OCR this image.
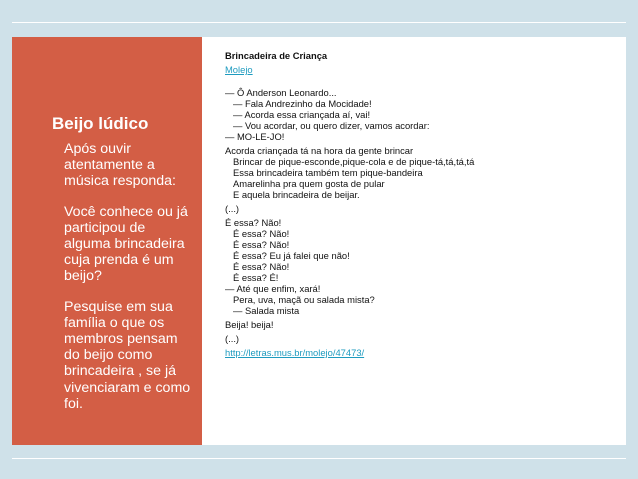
Beijo lúdico

Após ouvir atentamente a música responda:

Você conhece ou já participou de alguma brincadeira cuja prenda é um beijo?

Pesquise em sua família o que os membros pensam do beijo como brincadeira , se já vivenciaram e como foi.

Brincadeira de Criança

Molejo

— Ô Anderson Leonardo...

— Fala Andrezinho da Mocidade!

— Acorda essa criançada aí, vai!

— Vou acordar, ou quero dizer, vamos acordar:

— MO-LE-JO!

Acorda criançada tá na hora da gente brincar

Brincar de pique-esconde,pique-cola e de pique-tá,tá,tá,tá

Essa brincadeira também tem pique-bandeira

Amarelinha pra quem gosta de pular

E aquela brincadeira de beijar.

(...)

É essa? Não!

É essa? Não!

É essa? Não!

É essa? Eu já falei que não!

É essa? Não!

É essa? É!

— Até que enfim, xará!

Pera, uva, maçã ou salada mista?

— Salada mista

Beija! beija!

(...)

http://letras.mus.br/molejo/47473/
